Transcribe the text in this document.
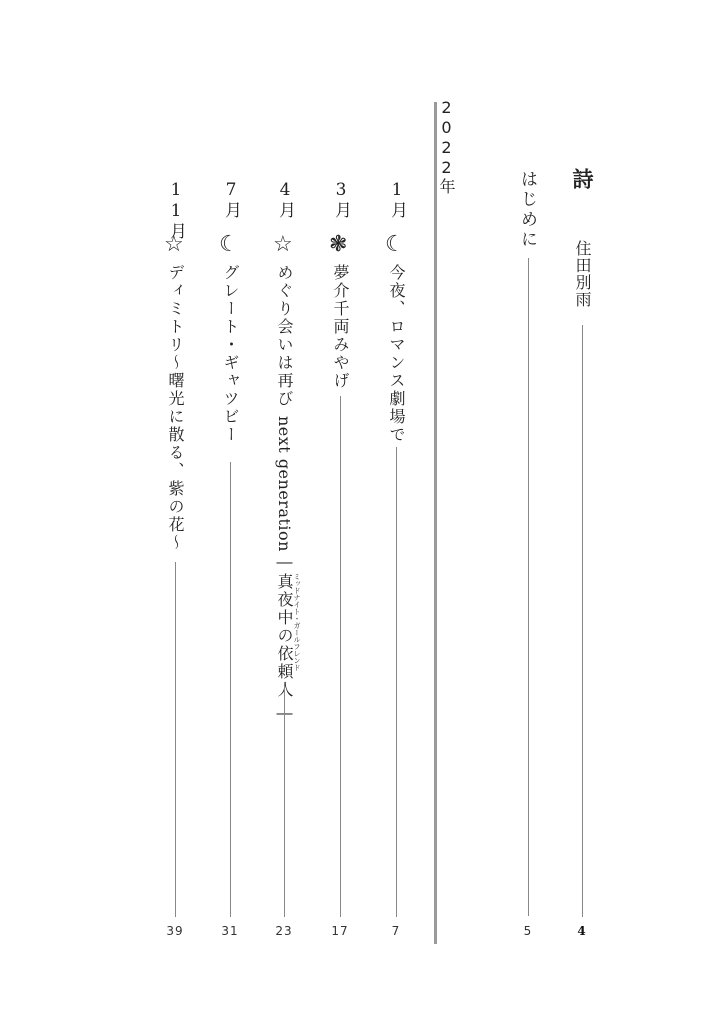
詩
住田別雨
4
はじめに
5
2022年
1月
☾
今夜、ロマンス劇場で
7
3月
❃
夢介千両みやげ
17
4月
☆
めぐり会いは再び
next generation
―
真夜中の依頼人 ミッドナイト・ガールフレンド
―
23
7月
☾
グレート・ギャツビー
31
11月
☆
ディミトリ～曙光に散る、紫の花～
39
